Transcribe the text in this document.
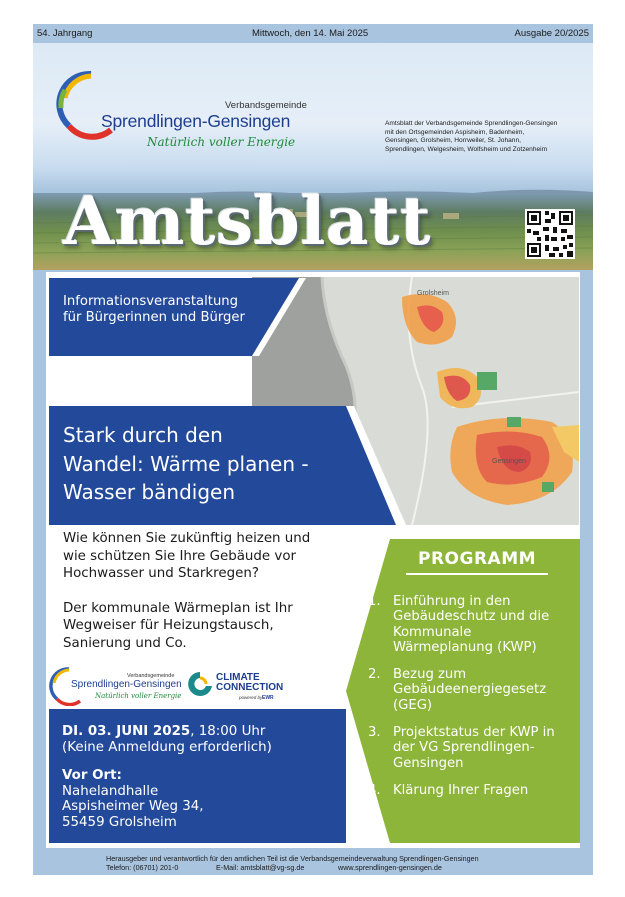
54. Jahrgang	Mittwoch, den 14. Mai 2025	Ausgabe 20/2025
Verbandsgemeinde
Sprendlingen-Gensingen
Natürlich voller Energie
Amtsblatt der Verbandsgemeinde Sprendlingen-Gensingen
mit den Ortsgemeinden Aspisheim, Badenheim,
Gensingen, Grolsheim, Horrweiler, St. Johann,
Sprendlingen, Welgesheim, Wolfsheim und Zotzenheim
Amtsblatt
Grolsheim
Gensingen
Informationsveranstaltung
für Bürgerinnen und Bürger
Stark durch den
Wandel: Wärme planen -
Wasser bändigen

Wie können Sie zukünftig heizen und
wie schützen Sie Ihre Gebäude vor
Hochwasser und Starkregen?

Der kommunale Wärmeplan ist Ihr
Wegweiser für Heizungstausch,
Sanierung und Co.

Verbandsgemeinde
Sprendlingen-Gensingen
Natürlich voller Energie
CLIMATE
CONNECTION
powered by EWR
DI. 03. JUNI 2025, 18:00 Uhr
(Keine Anmeldung erforderlich)
Vor Ort:
Nahelandhalle
Aspisheimer Weg 34,
55459 Grolsheim
PROGRAMM
1. Einführung in den
Gebäudeschutz und die
Kommunale
Wärmeplanung (KWP)
2. Bezug zum
Gebäudeenergiegesetz
(GEG)
3. Projektstatus der KWP in
der VG Sprendlingen-
Gensingen
4. Klärung Ihrer Fragen
Herausgeber und verantwortlich für den amtlichen Teil ist die Verbandsgemeindeverwaltung Sprendlingen-Gensingen
Telefon: (06701) 201-0	E-Mail: amtsblatt@vg-sg.de	www.sprendlingen-gensingen.de
